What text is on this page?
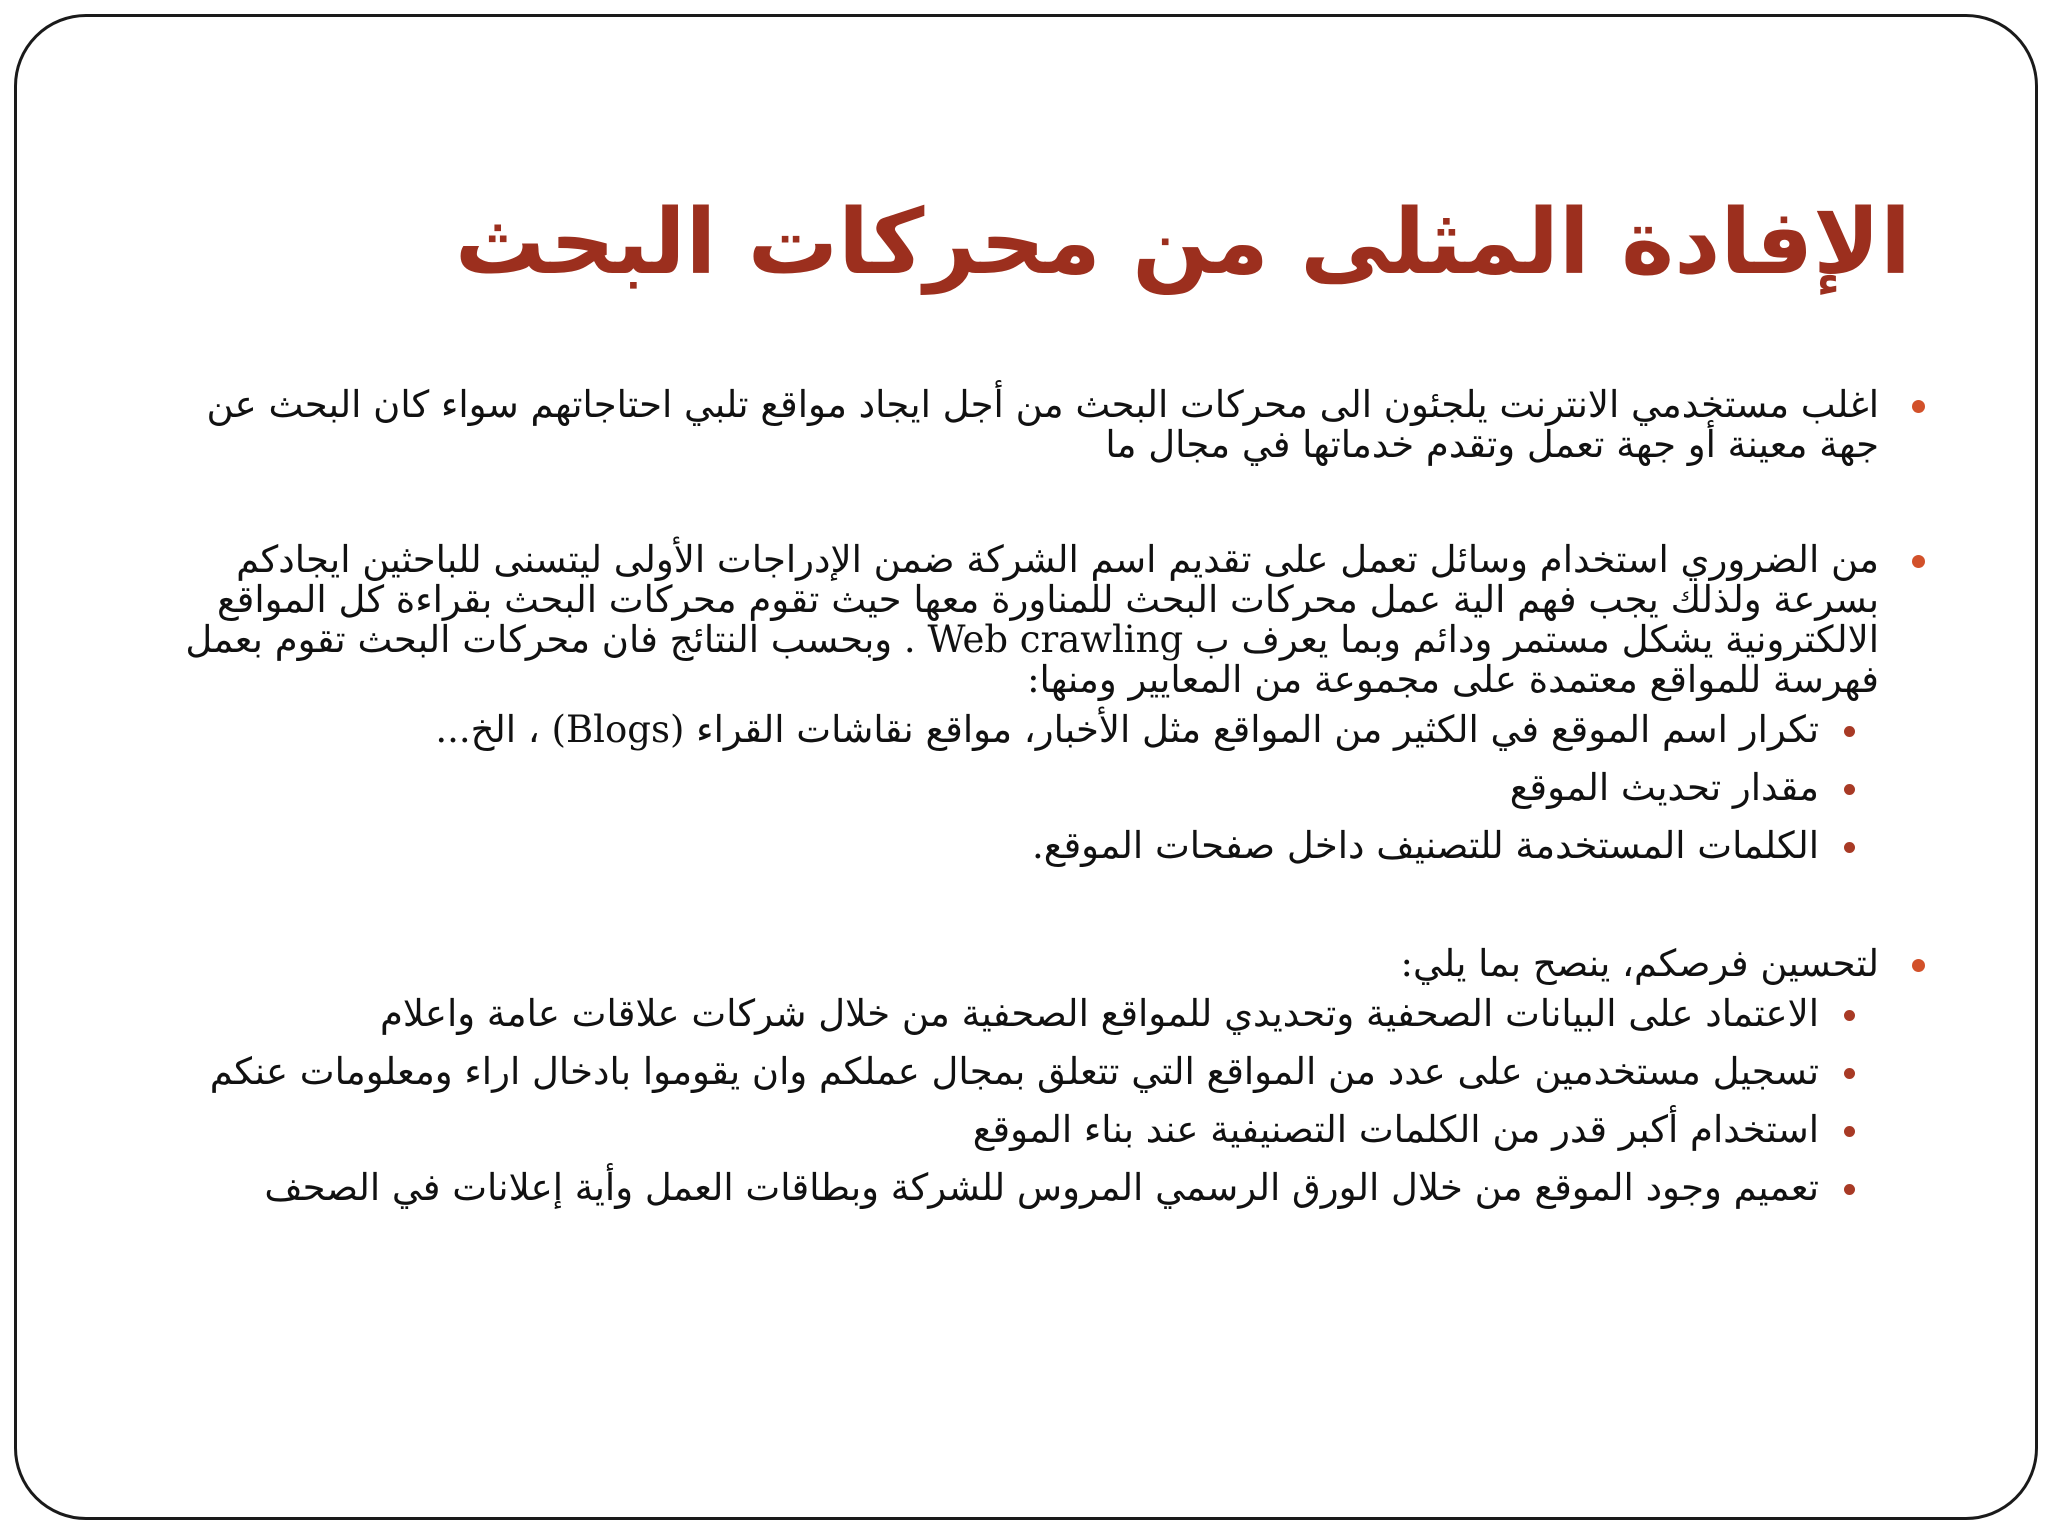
الإفادة المثلى من محركات البحث
اغلب مستخدمي الانترنت يلجئون الى محركات البحث من أجل ايجاد مواقع تلبي احتاجاتهم سواء كان البحث عن جهة معينة أو جهة تعمل وتقدم خدماتها في مجال ما
من الضروري استخدام وسائل تعمل على تقديم اسم الشركة ضمن الإدراجات الأولى ليتسنى للباحثين ايجادكم بسرعة ولذلك يجب فهم الية عمل محركات البحث للمناورة معها حيث تقوم محركات البحث بقراءة كل المواقع الالكترونية يشكل مستمر ودائم وبما يعرف ب Web crawling . وبحسب النتائج فان محركات البحث تقوم بعمل فهرسة للمواقع معتمدة على مجموعة من المعايير ومنها:
تكرار اسم الموقع في الكثير من المواقع مثل الأخبار، مواقع نقاشات القراء (Blogs) ، الخ...
مقدار تحديث الموقع
الكلمات المستخدمة للتصنيف داخل صفحات الموقع.
لتحسين فرصكم، ينصح بما يلي:
الاعتماد على البيانات الصحفية وتحديدي للمواقع الصحفية من خلال شركات علاقات عامة واعلام
تسجيل مستخدمين على عدد من المواقع التي تتعلق بمجال عملكم وان يقوموا بادخال اراء ومعلومات عنكم
استخدام أكبر قدر من الكلمات التصنيفية عند بناء الموقع
تعميم وجود الموقع من خلال الورق الرسمي المروس للشركة وبطاقات العمل وأية إعلانات في الصحف
